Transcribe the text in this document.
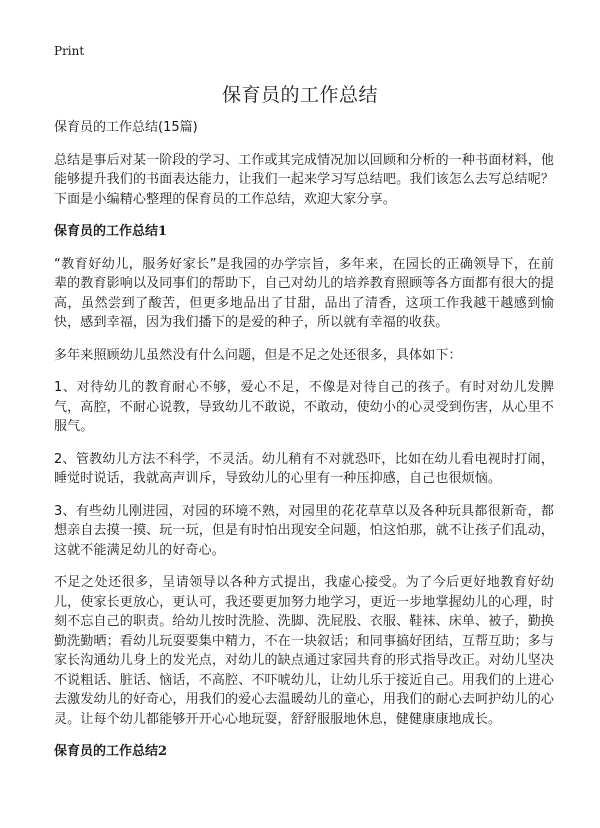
Print
保育员的工作总结
保育员的工作总结(15篇)
总结是事后对某一阶段的学习、工作或其完成情况加以回顾和分析的一种书面材料，他能够提升我们的书面表达能力，让我们一起来学习写总结吧。我们该怎么去写总结呢？下面是小编精心整理的保育员的工作总结，欢迎大家分享。
保育员的工作总结1
“教育好幼儿，服务好家长”是我园的办学宗旨，多年来，在园长的正确领导下，在前辈的教育影响以及同事们的帮助下，自己对幼儿的培养教育照顾等各方面都有很大的提高，虽然尝到了酸苦，但更多地品出了甘甜，品出了清香，这项工作我越干越感到愉快，感到幸福，因为我们播下的是爱的种子，所以就有幸福的收获。
多年来照顾幼儿虽然没有什么问题，但是不足之处还很多，具体如下：
1、对待幼儿的教育耐心不够，爱心不足，不像是对待自己的孩子。有时对幼儿发脾气，高腔，不耐心说教，导致幼儿不敢说，不敢动，使幼小的心灵受到伤害，从心里不服气。
2、管教幼儿方法不科学，不灵活。幼儿稍有不对就恐吓，比如在幼儿看电视时打闹，睡觉时说话，我就高声训斥，导致幼儿的心里有一种压抑感，自己也很烦恼。
3、有些幼儿刚进园，对园的环境不熟，对园里的花花草草以及各种玩具都很新奇，都想亲自去摸一摸、玩一玩，但是有时怕出现安全问题，怕这怕那，就不让孩子们乱动，这就不能满足幼儿的好奇心。
不足之处还很多，呈请领导以各种方式提出，我虚心接受。为了今后更好地教育好幼儿，使家长更放心，更认可，我还要更加努力地学习，更近一步地掌握幼儿的心理，时刻不忘自己的职责。给幼儿按时洗脸、洗脚、洗屁股、衣服、鞋袜、床单、被子，勤换勤洗勤晒；看幼儿玩耍要集中精力，不在一块叙话；和同事搞好团结，互帮互助；多与家长沟通幼儿身上的发光点，对幼儿的缺点通过家园共育的形式指导改正。对幼儿坚决不说粗话、脏话、恼话，不高腔、不吓唬幼儿，让幼儿乐于接近自己。用我们的上进心去激发幼儿的好奇心，用我们的爱心去温暖幼儿的童心，用我们的耐心去呵护幼儿的心灵。让每个幼儿都能够开开心心地玩耍，舒舒服服地休息，健健康康地成长。
保育员的工作总结2
